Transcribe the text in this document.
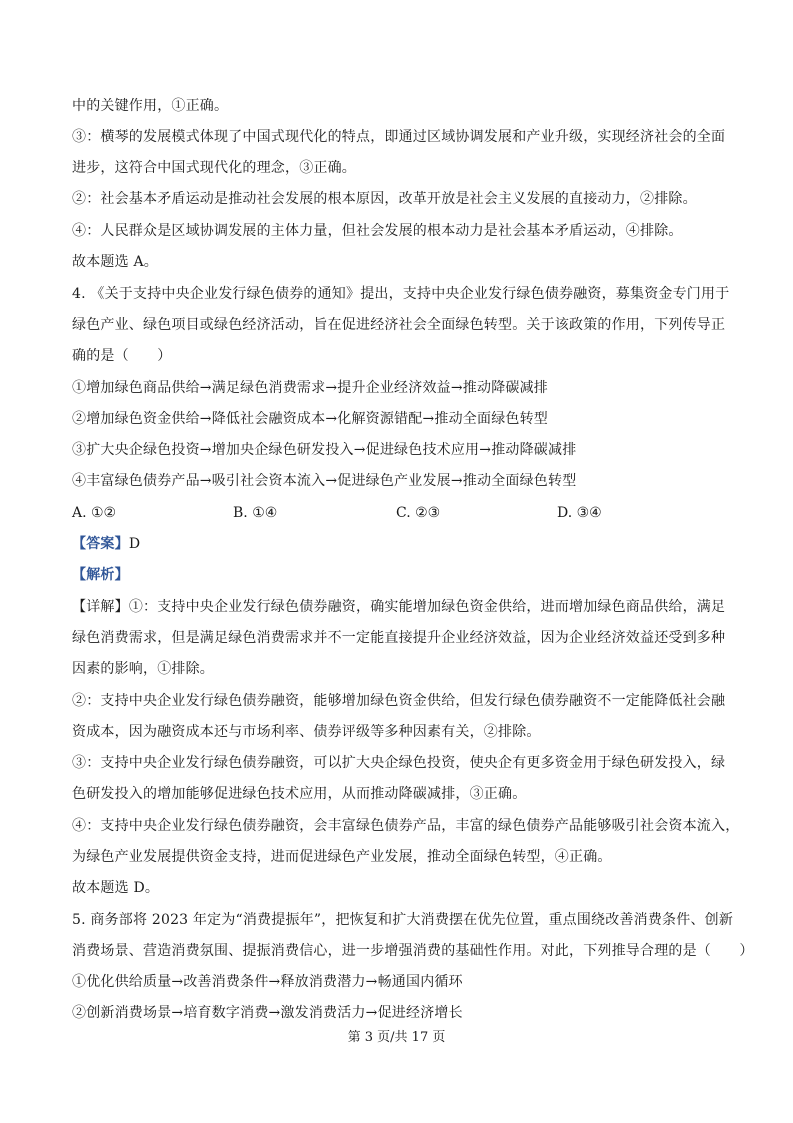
中的关键作用，①正确。
③：横琴的发展模式体现了中国式现代化的特点，即通过区域协调发展和产业升级，实现经济社会的全面
进步，这符合中国式现代化的理念，③正确。
②：社会基本矛盾运动是推动社会发展的根本原因，改革开放是社会主义发展的直接动力，②排除。
④：人民群众是区域协调发展的主体力量，但社会发展的根本动力是社会基本矛盾运动，④排除。
故本题选 A。
4. 《关于支持中央企业发行绿色债券的通知》提出，支持中央企业发行绿色债券融资，募集资金专门用于
绿色产业、绿色项目或绿色经济活动，旨在促进经济社会全面绿色转型。关于该政策的作用，下列传导正
确的是（　　）
①增加绿色商品供给→满足绿色消费需求→提升企业经济效益→推动降碳减排
②增加绿色资金供给→降低社会融资成本→化解资源错配→推动全面绿色转型
③扩大央企绿色投资→增加央企绿色研发投入→促进绿色技术应用→推动降碳减排
④丰富绿色债券产品→吸引社会资本流入→促进绿色产业发展→推动全面绿色转型
A. ①②	B. ①④	C. ②③	D. ③④
【答案】D
【解析】
【详解】①：支持中央企业发行绿色债券融资，确实能增加绿色资金供给，进而增加绿色商品供给，满足
绿色消费需求，但是满足绿色消费需求并不一定能直接提升企业经济效益，因为企业经济效益还受到多种
因素的影响，①排除。
②：支持中央企业发行绿色债券融资，能够增加绿色资金供给，但发行绿色债券融资不一定能降低社会融
资成本，因为融资成本还与市场利率、债券评级等多种因素有关，②排除。
③：支持中央企业发行绿色债券融资，可以扩大央企绿色投资，使央企有更多资金用于绿色研发投入，绿
色研发投入的增加能够促进绿色技术应用，从而推动降碳减排，③正确。
④：支持中央企业发行绿色债券融资，会丰富绿色债券产品，丰富的绿色债券产品能够吸引社会资本流入，
为绿色产业发展提供资金支持，进而促进绿色产业发展，推动全面绿色转型，④正确。
故本题选 D。
5. 商务部将 2023 年定为“消费提振年”，把恢复和扩大消费摆在优先位置，重点围绕改善消费条件、创新
消费场景、营造消费氛围、提振消费信心，进一步增强消费的基础性作用。对此，下列推导合理的是（　　）
①优化供给质量→改善消费条件→释放消费潜力→畅通国内循环
②创新消费场景→培育数字消费→激发消费活力→促进经济增长
第 3 页/共 17 页
